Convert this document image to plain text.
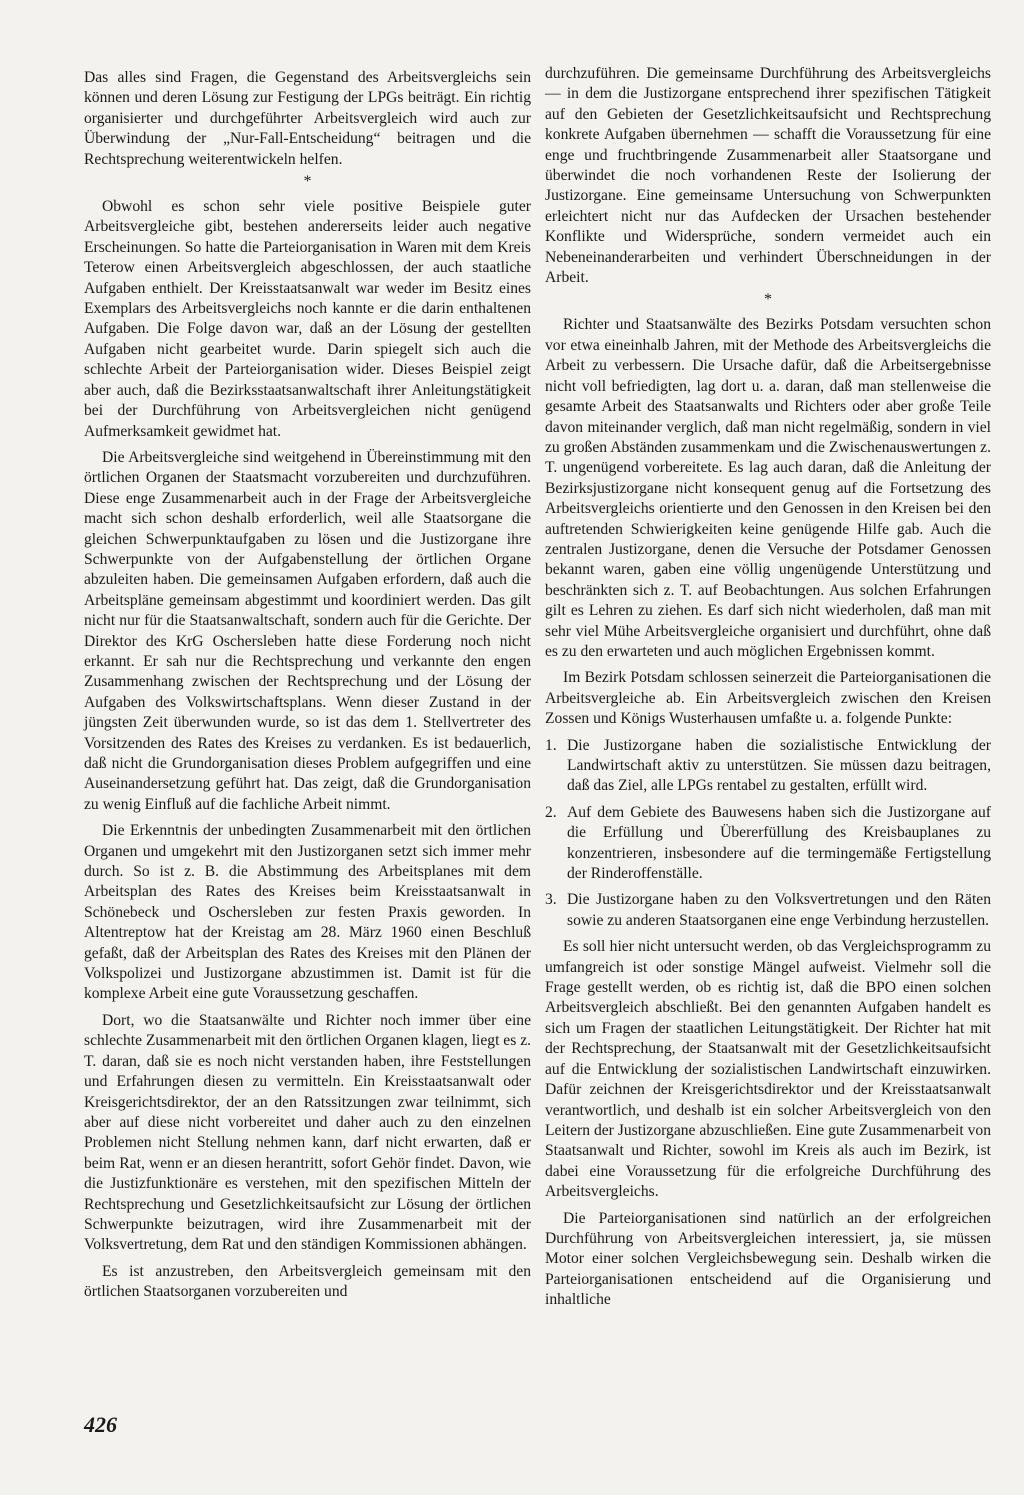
Das alles sind Fragen, die Gegenstand des Arbeitsvergleichs sein können und deren Lösung zur Festigung der LPGs beiträgt. Ein richtig organisierter und durchgeführter Arbeitsvergleich wird auch zur Überwindung der „Nur-Fall-Entscheidung“ beitragen und die Rechtsprechung weiterentwickeln helfen.

*

Obwohl es schon sehr viele positive Beispiele guter Arbeitsvergleiche gibt, bestehen andererseits leider auch negative Erscheinungen. So hatte die Parteiorganisation in Waren mit dem Kreis Teterow einen Arbeitsvergleich abgeschlossen, der auch staatliche Aufgaben enthielt. Der Kreisstaatsanwalt war weder im Besitz eines Exemplars des Arbeitsvergleichs noch kannte er die darin enthaltenen Aufgaben. Die Folge davon war, daß an der Lösung der gestellten Aufgaben nicht gearbeitet wurde. Darin spiegelt sich auch die schlechte Arbeit der Parteiorganisation wider. Dieses Beispiel zeigt aber auch, daß die Bezirksstaatsanwaltschaft ihrer Anleitungstätigkeit bei der Durchführung von Arbeitsvergleichen nicht genügend Aufmerksamkeit gewidmet hat.

Die Arbeitsvergleiche sind weitgehend in Übereinstimmung mit den örtlichen Organen der Staatsmacht vorzubereiten und durchzuführen. Diese enge Zusammenarbeit auch in der Frage der Arbeitsvergleiche macht sich schon deshalb erforderlich, weil alle Staatsorgane die gleichen Schwerpunktaufgaben zu lösen und die Justizorgane ihre Schwerpunkte von der Aufgabenstellung der örtlichen Organe abzuleiten haben. Die gemeinsamen Aufgaben erfordern, daß auch die Arbeitspläne gemeinsam abgestimmt und koordiniert werden. Das gilt nicht nur für die Staatsanwaltschaft, sondern auch für die Gerichte. Der Direktor des KrG Oschersleben hatte diese Forderung noch nicht erkannt. Er sah nur die Rechtsprechung und verkannte den engen Zusammenhang zwischen der Rechtsprechung und der Lösung der Aufgaben des Volkswirtschaftsplans. Wenn dieser Zustand in der jüngsten Zeit überwunden wurde, so ist das dem 1. Stellvertreter des Vorsitzenden des Rates des Kreises zu verdanken. Es ist bedauerlich, daß nicht die Grundorganisation dieses Problem aufgegriffen und eine Auseinandersetzung geführt hat. Das zeigt, daß die Grundorganisation zu wenig Einfluß auf die fachliche Arbeit nimmt.

Die Erkenntnis der unbedingten Zusammenarbeit mit den örtlichen Organen und umgekehrt mit den Justizorganen setzt sich immer mehr durch. So ist z. B. die Abstimmung des Arbeitsplanes mit dem Arbeitsplan des Rates des Kreises beim Kreisstaatsanwalt in Schönebeck und Oschersleben zur festen Praxis geworden. In Altentreptow hat der Kreistag am 28. März 1960 einen Beschluß gefaßt, daß der Arbeitsplan des Rates des Kreises mit den Plänen der Volkspolizei und Justizorgane abzustimmen ist. Damit ist für die komplexe Arbeit eine gute Voraussetzung geschaffen.

Dort, wo die Staatsanwälte und Richter noch immer über eine schlechte Zusammenarbeit mit den örtlichen Organen klagen, liegt es z. T. daran, daß sie es noch nicht verstanden haben, ihre Feststellungen und Erfahrungen diesen zu vermitteln. Ein Kreisstaatsanwalt oder Kreisgerichtsdirektor, der an den Ratssitzungen zwar teilnimmt, sich aber auf diese nicht vorbereitet und daher auch zu den einzelnen Problemen nicht Stellung nehmen kann, darf nicht erwarten, daß er beim Rat, wenn er an diesen herantritt, sofort Gehör findet. Davon, wie die Justizfunktionäre es verstehen, mit den spezifischen Mitteln der Rechtsprechung und Gesetzlichkeitsaufsicht zur Lösung der örtlichen Schwerpunkte beizutragen, wird ihre Zusammenarbeit mit der Volksvertretung, dem Rat und den ständigen Kommissionen abhängen.

Es ist anzustreben, den Arbeitsvergleich gemeinsam mit den örtlichen Staatsorganen vorzubereiten und

durchzuführen. Die gemeinsame Durchführung des Arbeitsvergleichs — in dem die Justizorgane entsprechend ihrer spezifischen Tätigkeit auf den Gebieten der Gesetzlichkeitsaufsicht und Rechtsprechung konkrete Aufgaben übernehmen — schafft die Voraussetzung für eine enge und fruchtbringende Zusammenarbeit aller Staatsorgane und überwindet die noch vorhandenen Reste der Isolierung der Justizorgane. Eine gemeinsame Untersuchung von Schwerpunkten erleichtert nicht nur das Aufdecken der Ursachen bestehender Konflikte und Widersprüche, sondern vermeidet auch ein Nebeneinanderarbeiten und verhindert Überschneidungen in der Arbeit.

*

Richter und Staatsanwälte des Bezirks Potsdam versuchten schon vor etwa eineinhalb Jahren, mit der Methode des Arbeitsvergleichs die Arbeit zu verbessern. Die Ursache dafür, daß die Arbeitsergebnisse nicht voll befriedigten, lag dort u. a. daran, daß man stellenweise die gesamte Arbeit des Staatsanwalts und Richters oder aber große Teile davon miteinander verglich, daß man nicht regelmäßig, sondern in viel zu großen Abständen zusammenkam und die Zwischenauswertungen z. T. ungenügend vorbereitete. Es lag auch daran, daß die Anleitung der Bezirksjustizorgane nicht konsequent genug auf die Fortsetzung des Arbeitsvergleichs orientierte und den Genossen in den Kreisen bei den auftretenden Schwierigkeiten keine genügende Hilfe gab. Auch die zentralen Justizorgane, denen die Versuche der Potsdamer Genossen bekannt waren, gaben eine völlig ungenügende Unterstützung und beschränkten sich z. T. auf Beobachtungen. Aus solchen Erfahrungen gilt es Lehren zu ziehen. Es darf sich nicht wiederholen, daß man mit sehr viel Mühe Arbeitsvergleiche organisiert und durchführt, ohne daß es zu den erwarteten und auch möglichen Ergebnissen kommt.

Im Bezirk Potsdam schlossen seinerzeit die Parteiorganisationen die Arbeitsvergleiche ab. Ein Arbeitsvergleich zwischen den Kreisen Zossen und Königs Wusterhausen umfaßte u. a. folgende Punkte:

1. Die Justizorgane haben die sozialistische Entwicklung der Landwirtschaft aktiv zu unterstützen. Sie müssen dazu beitragen, daß das Ziel, alle LPGs rentabel zu gestalten, erfüllt wird.
2. Auf dem Gebiete des Bauwesens haben sich die Justizorgane auf die Erfüllung und Übererfüllung des Kreisbauplanes zu konzentrieren, insbesondere auf die termingemäße Fertigstellung der Rinderoffenställe.
3. Die Justizorgane haben zu den Volksvertretungen und den Räten sowie zu anderen Staatsorganen eine enge Verbindung herzustellen.

Es soll hier nicht untersucht werden, ob das Vergleichsprogramm zu umfangreich ist oder sonstige Mängel aufweist. Vielmehr soll die Frage gestellt werden, ob es richtig ist, daß die BPO einen solchen Arbeitsvergleich abschließt. Bei den genannten Aufgaben handelt es sich um Fragen der staatlichen Leitungstätigkeit. Der Richter hat mit der Rechtsprechung, der Staatsanwalt mit der Gesetzlichkeitsaufsicht auf die Entwicklung der sozialistischen Landwirtschaft einzuwirken. Dafür zeichnen der Kreisgerichtsdirektor und der Kreisstaatsanwalt verantwortlich, und deshalb ist ein solcher Arbeitsvergleich von den Leitern der Justizorgane abzuschließen. Eine gute Zusammenarbeit von Staatsanwalt und Richter, sowohl im Kreis als auch im Bezirk, ist dabei eine Voraussetzung für die erfolgreiche Durchführung des Arbeitsvergleichs.

Die Parteiorganisationen sind natürlich an der erfolgreichen Durchführung von Arbeitsvergleichen interessiert, ja, sie müssen Motor einer solchen Vergleichsbewegung sein. Deshalb wirken die Parteiorganisationen entscheidend auf die Organisierung und inhaltliche

426
